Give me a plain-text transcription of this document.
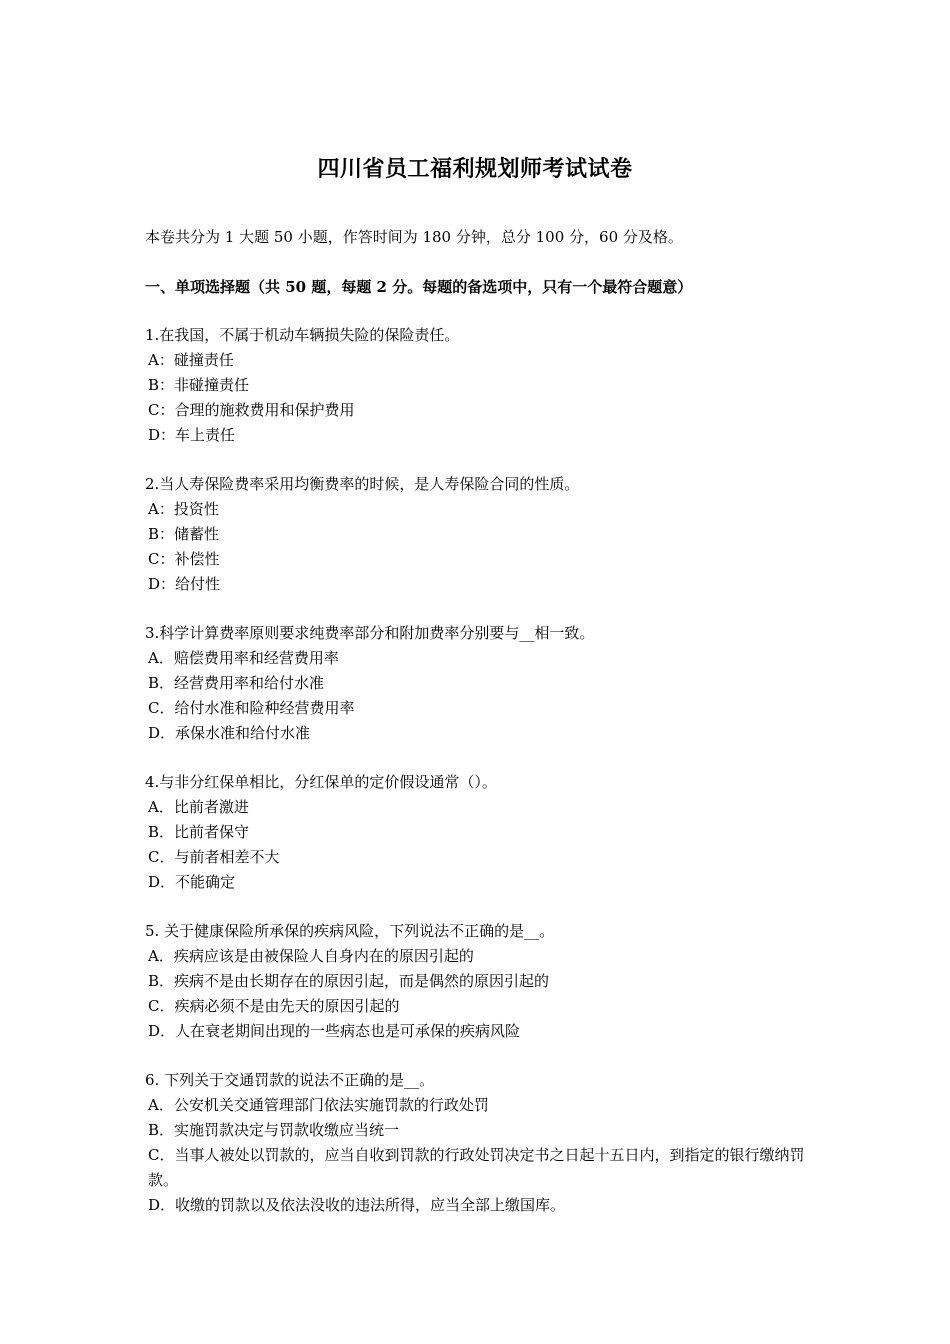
四川省员工福利规划师考试试卷
本卷共分为 1 大题 50 小题，作答时间为 180 分钟，总分 100 分，60 分及格。
一、单项选择题（共 50 题，每题 2 分。每题的备选项中，只有一个最符合题意）
1.在我国，不属于机动车辆损失险的保险责任。
A：碰撞责任
B：非碰撞责任
C：合理的施救费用和保护费用
D：车上责任
2.当人寿保险费率采用均衡费率的时候，是人寿保险合同的性质。
A：投资性
B：储蓄性
C：补偿性
D：给付性
3.科学计算费率原则要求纯费率部分和附加费率分别要与__相一致。
A．赔偿费用率和经营费用率
B．经营费用率和给付水准
C．给付水准和险种经营费用率
D．承保水准和给付水准
4.与非分红保单相比，分红保单的定价假设通常（）。
A．比前者激进
B．比前者保守
C．与前者相差不大
D．不能确定
5. 关于健康保险所承保的疾病风险，下列说法不正确的是__。
A．疾病应该是由被保险人自身内在的原因引起的
B．疾病不是由长期存在的原因引起，而是偶然的原因引起的
C．疾病必须不是由先天的原因引起的
D．人在衰老期间出现的一些病态也是可承保的疾病风险
6. 下列关于交通罚款的说法不正确的是__。
A．公安机关交通管理部门依法实施罚款的行政处罚
B．实施罚款决定与罚款收缴应当统一
C．当事人被处以罚款的，应当自收到罚款的行政处罚决定书之日起十五日内，到指定的银行缴纳罚款。
D．收缴的罚款以及依法没收的违法所得，应当全部上缴国库。
